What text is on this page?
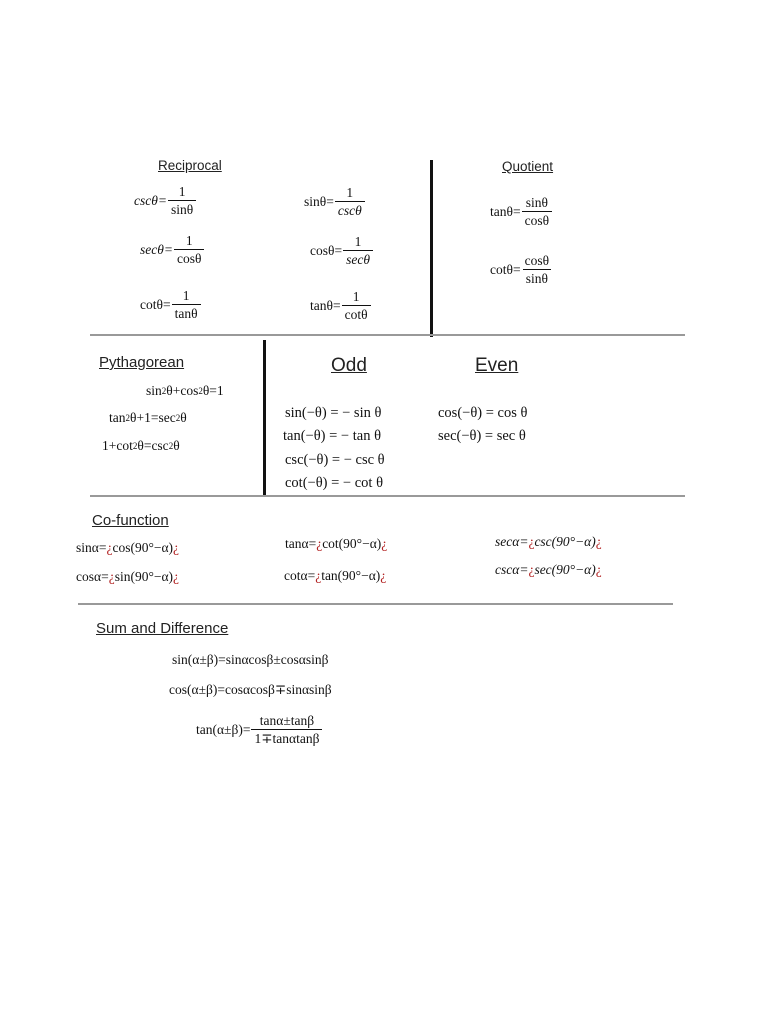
Reciprocal	Quotient
$\csc\theta= \frac{1}{\sin\theta}$
$\sec\theta= \frac{1}{\cos\theta}$
$\cot\theta= \frac{1}{\tan\theta}$
$\sin\theta= \frac{1}{\csc\theta}$
$\cos\theta= \frac{1}{\sec\theta}$
$\tan\theta= \frac{1}{\cot\theta}$
$\tan\theta= \frac{\sin\theta}{\cos\theta}$
$\cot\theta= \frac{\cos\theta}{\sin\theta}$
Pythagorean
sin 2 θ+cos 2 θ=1
tan 2 θ+1=sec 2 θ
1+cot 2 θ=csc 2 θ
Odd	Even
sin(−θ) = − sin θ
tan(−θ) = − tan θ
csc(−θ) = − csc θ
cot(−θ) = − cot θ
cos(−θ) = cos θ
sec(−θ) = sec θ
Co-function
sinα= ¿ cos(90°−α) ¿
cosα= ¿ sin(90°−α) ¿
tanα= ¿ cot(90°−α) ¿
cotα= ¿ tan(90°−α) ¿
secα= ¿ csc(90°−α) ¿
cscα= ¿ sec(90°−α) ¿
Sum and Difference
sin(α±β)=sinαcosβ±cosαsinβ
cos(α±β)=cosαcosβ∓sinαsinβ
$\tan(\alpha\pm\beta)= \frac{\tan\alpha\pm\tan\beta}{1\mp\tan\alpha\tan\beta}$
